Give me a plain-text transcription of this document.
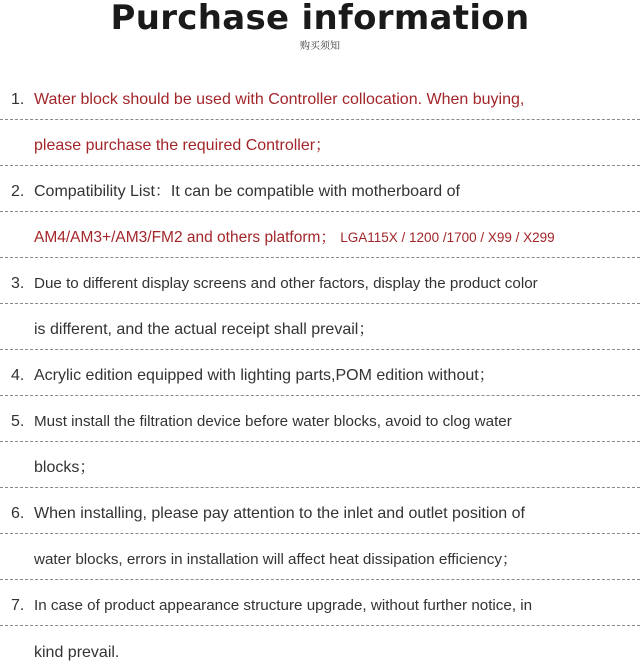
Purchase information
购买须知
1. Water block should be used with Controller collocation. When buying,
please purchase the required Controller；
2. Compatibility List：It can be compatible with motherboard of
AM4/AM3+/AM3/FM2 and others platform； LGA115X / 1200 /1700 / X99 / X299
3. Due to different display screens and other factors, display the product color
is different, and the actual receipt shall prevail；
4. Acrylic edition equipped with lighting parts,POM edition without；
5. Must install the filtration device before water blocks, avoid to clog water
blocks；
6. When installing, please pay attention to the inlet and outlet position of
water blocks, errors in installation will affect heat dissipation efficiency；
7. In case of product appearance structure upgrade, without further notice, in
kind prevail.
